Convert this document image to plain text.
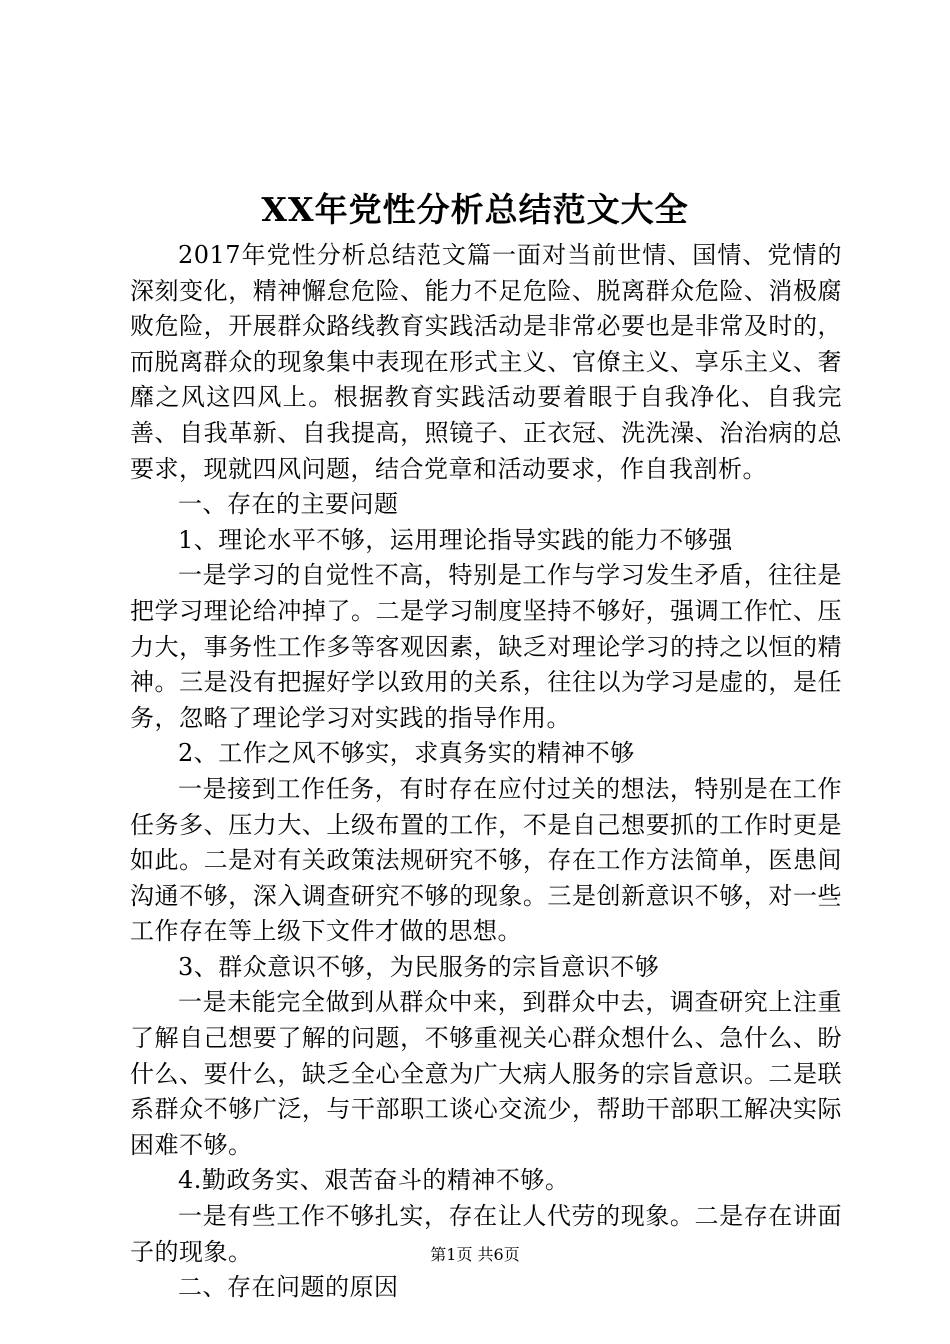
XX年党性分析总结范文大全

2017年党性分析总结范文篇一面对当前世情、国情、党情的深刻变化，精神懈怠危险、能力不足危险、脱离群众危险、消极腐败危险，开展群众路线教育实践活动是非常必要也是非常及时的，而脱离群众的现象集中表现在形式主义、官僚主义、享乐主义、奢靡之风这四风上。根据教育实践活动要着眼于自我净化、自我完善、自我革新、自我提高，照镜子、正衣冠、洗洗澡、治治病的总要求，现就四风问题，结合党章和活动要求，作自我剖析。

一、存在的主要问题

1、理论水平不够，运用理论指导实践的能力不够强

一是学习的自觉性不高，特别是工作与学习发生矛盾，往往是把学习理论给冲掉了。二是学习制度坚持不够好，强调工作忙、压力大，事务性工作多等客观因素，缺乏对理论学习的持之以恒的精神。三是没有把握好学以致用的关系，往往以为学习是虚的，是任务，忽略了理论学习对实践的指导作用。

2、工作之风不够实，求真务实的精神不够

一是接到工作任务，有时存在应付过关的想法，特别是在工作任务多、压力大、上级布置的工作，不是自己想要抓的工作时更是如此。二是对有关政策法规研究不够，存在工作方法简单，医患间沟通不够，深入调查研究不够的现象。三是创新意识不够，对一些工作存在等上级下文件才做的思想。

3、群众意识不够，为民服务的宗旨意识不够

一是未能完全做到从群众中来，到群众中去，调查研究上注重了解自己想要了解的问题，不够重视关心群众想什么、急什么、盼什么、要什么，缺乏全心全意为广大病人服务的宗旨意识。二是联系群众不够广泛，与干部职工谈心交流少，帮助干部职工解决实际困难不够。

4.勤政务实、艰苦奋斗的精神不够。

一是有些工作不够扎实，存在让人代劳的现象。二是存在讲面子的现象。

二、存在问题的原因

第1页 共6页
